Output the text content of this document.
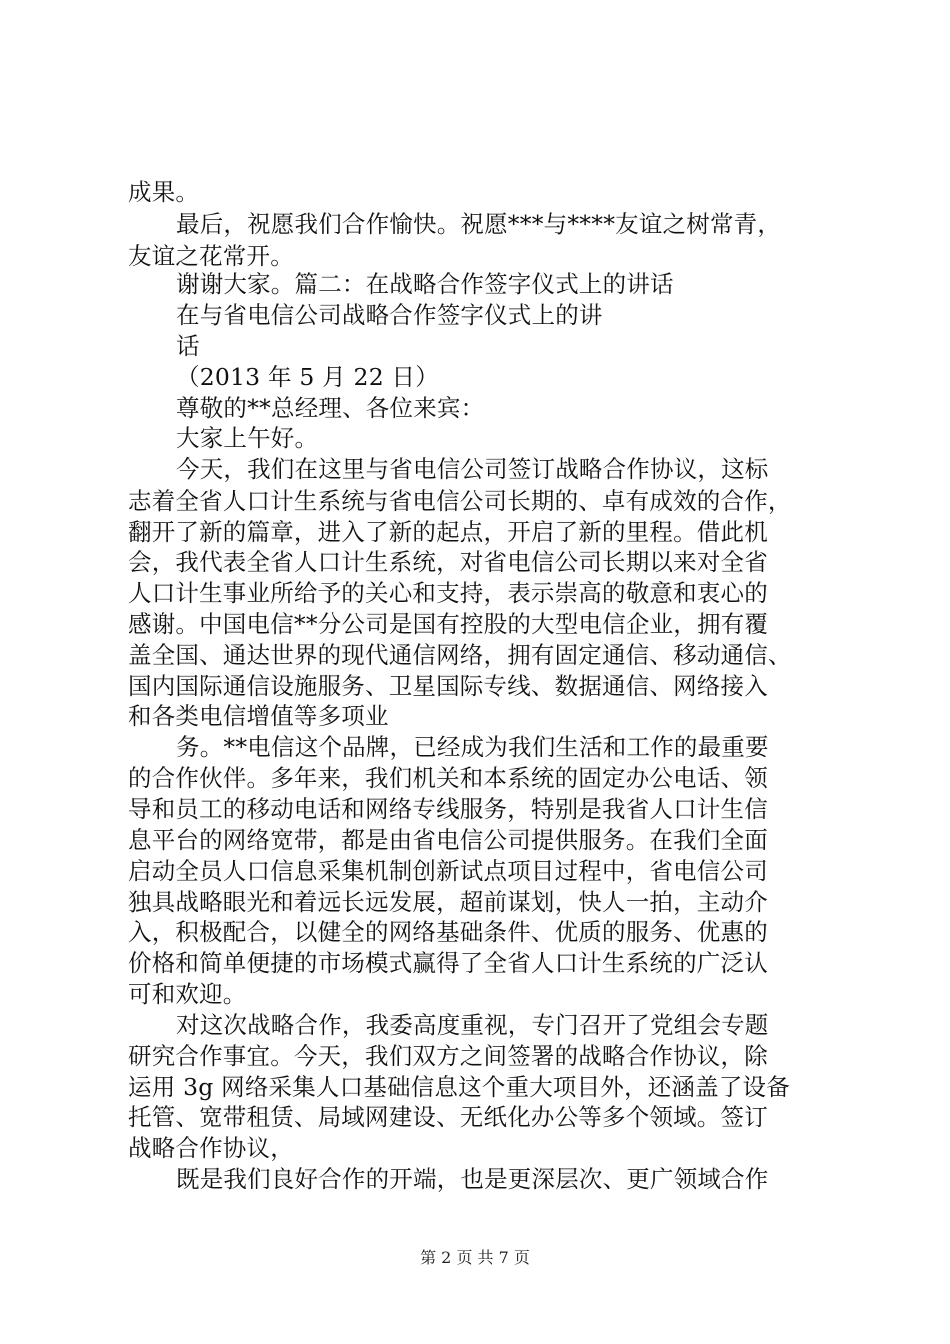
成果。
最后，祝愿我们合作愉快。祝愿***与****友谊之树常青，
友谊之花常开。
谢谢大家。篇二：在战略合作签字仪式上的讲话
在与省电信公司战略合作签字仪式上的讲
话
（2013 年 5 月 22 日）
尊敬的**总经理、各位来宾：
大家上午好。
今天，我们在这里与省电信公司签订战略合作协议，这标
志着全省人口计生系统与省电信公司长期的、卓有成效的合作，
翻开了新的篇章，进入了新的起点，开启了新的里程。借此机
会，我代表全省人口计生系统，对省电信公司长期以来对全省
人口计生事业所给予的关心和支持，表示崇高的敬意和衷心的
感谢。中国电信**分公司是国有控股的大型电信企业，拥有覆
盖全国、通达世界的现代通信网络，拥有固定通信、移动通信、
国内国际通信设施服务、卫星国际专线、数据通信、网络接入
和各类电信增值等多项业
务。**电信这个品牌，已经成为我们生活和工作的最重要
的合作伙伴。多年来，我们机关和本系统的固定办公电话、领
导和员工的移动电话和网络专线服务，特别是我省人口计生信
息平台的网络宽带，都是由省电信公司提供服务。在我们全面
启动全员人口信息采集机制创新试点项目过程中，省电信公司
独具战略眼光和着远长远发展，超前谋划，快人一拍，主动介
入，积极配合，以健全的网络基础条件、优质的服务、优惠的
价格和简单便捷的市场模式赢得了全省人口计生系统的广泛认
可和欢迎。
对这次战略合作，我委高度重视，专门召开了党组会专题
研究合作事宜。今天，我们双方之间签署的战略合作协议，除
运用 3g 网络采集人口基础信息这个重大项目外，还涵盖了设备
托管、宽带租赁、局域网建设、无纸化办公等多个领域。签订
战略合作协议，
既是我们良好合作的开端，也是更深层次、更广领域合作
第 2 页 共 7 页
